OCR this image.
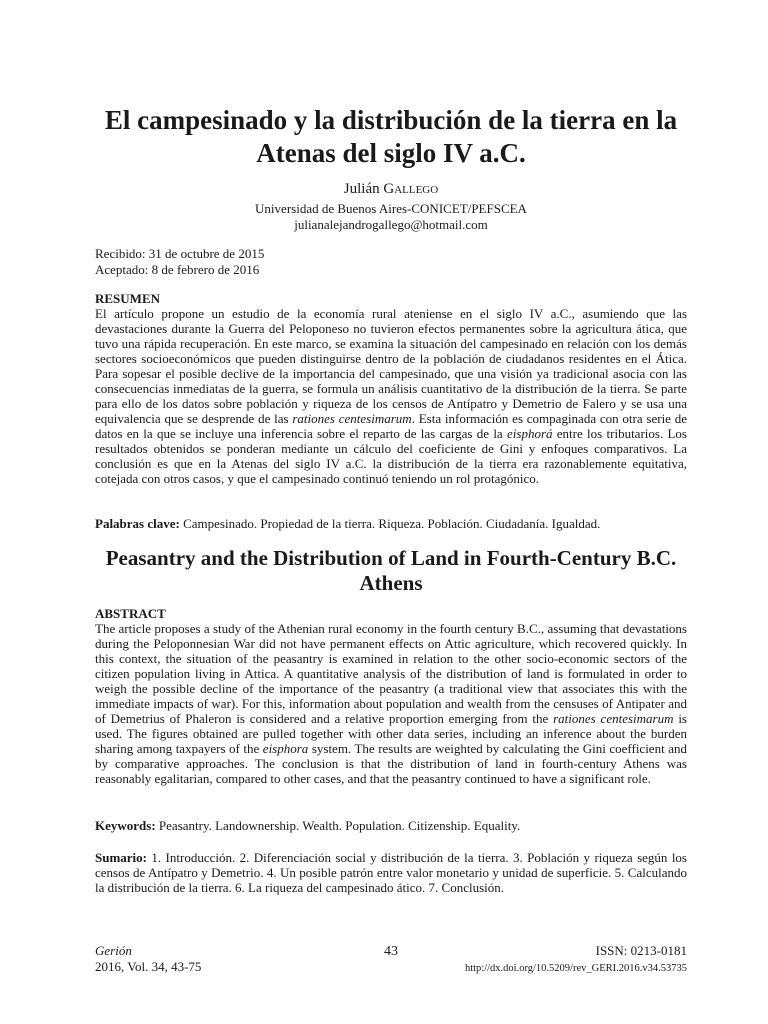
El campesinado y la distribución de la tierra en la Atenas del siglo IV a.C.
Julián Gallego
Universidad de Buenos Aires-CONICET/PEFSCEA
julianalejandrogallego@hotmail.com
Recibido: 31 de octubre de 2015
Aceptado: 8 de febrero de 2016
RESUMEN

El artículo propone un estudio de la economía rural ateniense en el siglo IV a.C., asumiendo que las devastaciones durante la Guerra del Peloponeso no tuvieron efectos permanentes sobre la agricultura ática, que tuvo una rápida recuperación. En este marco, se examina la situación del campesinado en relación con los demás sectores socioeconómicos que pueden distinguirse dentro de la población de ciudadanos residentes en el Ática. Para sopesar el posible declive de la importancia del campesinado, que una visión ya tradicional asocia con las consecuencias inmediatas de la guerra, se formula un análisis cuantitativo de la distribución de la tierra. Se parte para ello de los datos sobre población y riqueza de los censos de Antípatro y Demetrio de Falero y se usa una equivalencia que se desprende de las rationes centesimarum. Esta información es compaginada con otra serie de datos en la que se incluye una inferencia sobre el reparto de las cargas de la eisphorá entre los tributarios. Los resultados obtenidos se ponderan mediante un cálculo del coeficiente de Gini y enfoques comparativos. La conclusión es que en la Atenas del siglo IV a.C. la distribución de la tierra era razonablemente equitativa, cotejada con otros casos, y que el campesinado continuó teniendo un rol protagónico.

Palabras clave: Campesinado. Propiedad de la tierra. Riqueza. Población. Ciudadanía. Igualdad.
Peasantry and the Distribution of Land in Fourth-Century B.C. Athens
ABSTRACT

The article proposes a study of the Athenian rural economy in the fourth century B.C., assuming that devastations during the Peloponnesian War did not have permanent effects on Attic agriculture, which recovered quickly. In this context, the situation of the peasantry is examined in relation to the other socio-economic sectors of the citizen population living in Attica. A quantitative analysis of the distribution of land is formulated in order to weigh the possible decline of the importance of the peasantry (a traditional view that associates this with the immediate impacts of war). For this, information about population and wealth from the censuses of Antipater and of Demetrius of Phaleron is considered and a relative proportion emerging from the rationes centesimarum is used. The figures obtained are pulled together with other data series, including an inference about the burden sharing among taxpayers of the eisphora system. The results are weighted by calculating the Gini coefficient and by comparative approaches. The conclusion is that the distribution of land in fourth-century Athens was reasonably egalitarian, compared to other cases, and that the peasantry continued to have a significant role.

Keywords: Peasantry. Landownership. Wealth. Population. Citizenship. Equality.

Sumario: 1. Introducción. 2. Diferenciación social y distribución de la tierra. 3. Población y riqueza según los censos de Antípatro y Demetrio. 4. Un posible patrón entre valor monetario y unidad de superficie. 5. Calculando la distribución de la tierra. 6. La riqueza del campesinado ático. 7. Conclusión.

Gerión
2016, Vol. 34, 43-75
43	ISSN: 0213-0181
http://dx.doi.org/10.5209/rev_GERI.2016.v34.53735
